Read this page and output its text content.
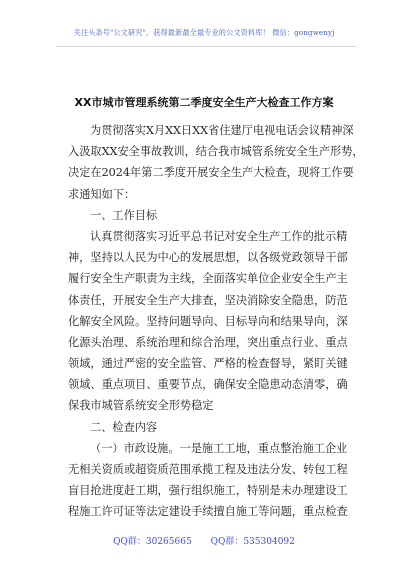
关注头条号"公文研究"，获得最新最全最专业的公文资料库！ 微信：gongwenyj
XX市城市管理系统第二季度安全生产大检查工作方案
为贯彻落实X月XX日XX省住建厅电视电话会议精神深
入汲取XX安全事故教训，结合我市城管系统安全生产形势，
决定在2024年第二季度开展安全生产大检查，现将工作要
求通知如下：
一、工作目标
认真贯彻落实习近平总书记对安全生产工作的批示精
神，坚持以人民为中心的发展思想，以各级党政领导干部
履行安全生产职责为主线，全面落实单位企业安全生产主
体责任，开展安全生产大排查，坚决消除安全隐患，防范
化解安全风险。坚持问题导向、目标导向和结果导向，深
化源头治理、系统治理和综合治理，突出重点行业、重点
领域，通过严密的安全监管、严格的检查督导，紧盯关键
领域、重点项目、重要节点，确保安全隐患动态清零，确
保我市城管系统安全形势稳定
二、检查内容
（一）市政设施。一是施工工地，重点整治施工企业
无相关资质或超资质范围承揽工程及违法分发、转包工程
盲目抢进度赶工期，强行组织施工，特别是未办理建设工
程施工许可证等法定建设手续擅自施工等问题，重点检查
QQ群：30265665 QQ群：535304092
